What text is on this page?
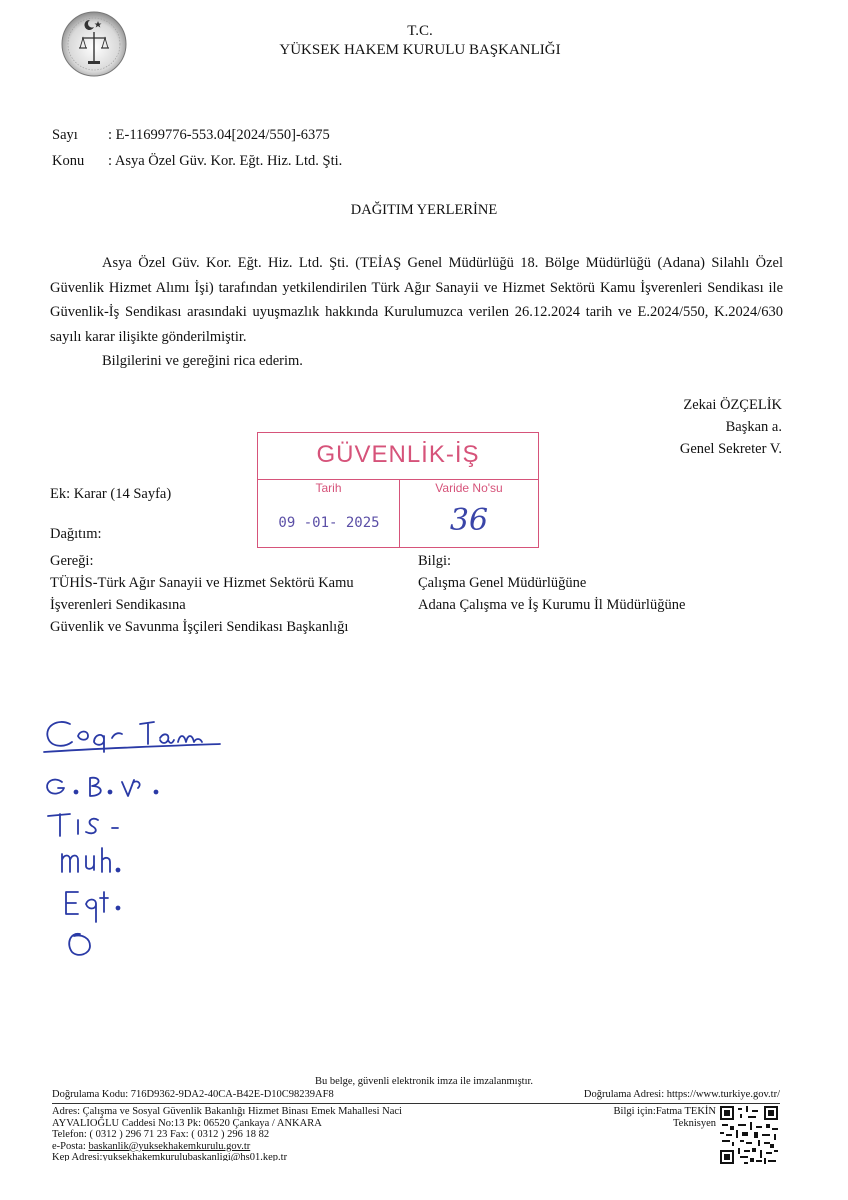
T.C.
YÜKSEK HAKEM KURULU BAŞKANLIĞI
Sayı : E-11699776-553.04[2024/550]-6375
Konu : Asya Özel Güv. Kor. Eğt. Hiz. Ltd. Şti.
DAĞITIM YERLERİNE

Asya Özel Güv. Kor. Eğt. Hiz. Ltd. Şti. (TEİAŞ Genel Müdürlüğü 18. Bölge Müdürlüğü (Adana) Silahlı Özel Güvenlik Hizmet Alımı İşi) tarafından yetkilendirilen Türk Ağır Sanayii ve Hizmet Sektörü Kamu İşverenleri Sendikası ile Güvenlik-İş Sendikası arasındaki uyuşmazlık hakkında Kurulumuzca verilen 26.12.2024 tarih ve E.2024/550, K.2024/630 sayılı karar ilişikte gönderilmiştir.

Bilgilerini ve gereğini rica ederim.

Zekai ÖZÇELİK
Başkan a.
Genel Sekreter V.
GÜVENLİK-İŞ
Tarih	Varide No'su
09 -01- 2025	36
Ek: Karar (14 Sayfa)
Dağıtım:
Gereği:
TÜHİS-Türk Ağır Sanayii ve Hizmet Sektörü Kamu
İşverenleri Sendikasına
Güvenlik ve Savunma İşçileri Sendikası Başkanlığı
Bilgi:
Çalışma Genel Müdürlüğüne
Adana Çalışma ve İş Kurumu İl Müdürlüğüne
Bu belge, güvenli elektronik imza ile imzalanmıştır.
Doğrulama Kodu: 716D9362-9DA2-40CA-B42E-D10C98239AF8	Doğrulama Adresi: https://www.turkiye.gov.tr/
Adres: Çalışma ve Sosyal Güvenlik Bakanlığı Hizmet Binası Emek Mahallesi Naci
AYVALIOĞLU Caddesi No:13 Pk: 06520 Çankaya / ANKARA
Telefon: ( 0312 ) 296 71 23 Fax: ( 0312 ) 296 18 82
e-Posta: baskanlik@yuksekhakemkurulu.gov.tr
Kep Adresi:yuksekhakemkurulubaskanligi@hs01.kep.tr
Bilgi için:Fatma TEKİN
Teknisyen
